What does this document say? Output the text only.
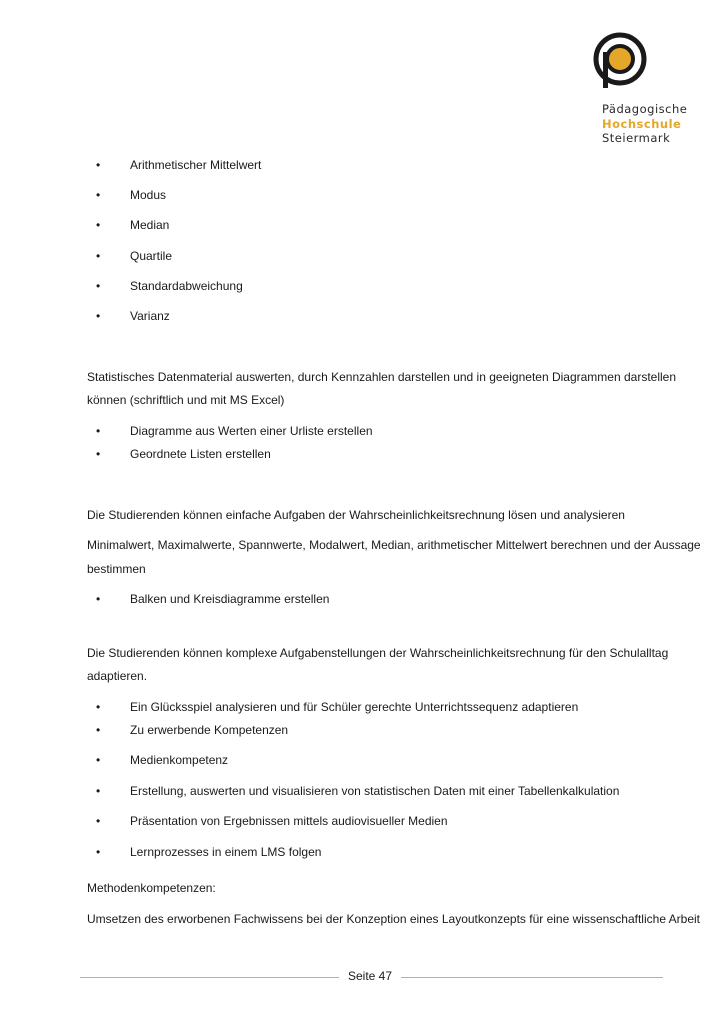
Pädagogische
Hochschule
Steiermark
•	Arithmetischer Mittelwert
•	Modus
•	Median
•	Quartile
•	Standardabweichung
•	Varianz
Statistisches Datenmaterial auswerten, durch Kennzahlen darstellen und in geeigneten Diagrammen darstellen
können (schriftlich und mit MS Excel)
•	Diagramme aus Werten einer Urliste erstellen
•	Geordnete Listen erstellen
Die Studierenden können einfache Aufgaben der Wahrscheinlichkeitsrechnung lösen und analysieren
Minimalwert, Maximalwerte, Spannwerte, Modalwert, Median, arithmetischer Mittelwert berechnen und der Aussage
bestimmen
•	Balken und Kreisdiagramme erstellen
Die Studierenden können komplexe Aufgabenstellungen der Wahrscheinlichkeitsrechnung für den Schulalltag
adaptieren.
•	Ein Glücksspiel analysieren und für Schüler gerechte Unterrichtssequenz adaptieren
•	Zu erwerbende Kompetenzen
•	Medienkompetenz
•	Erstellung, auswerten und visualisieren von statistischen Daten mit einer Tabellenkalkulation
•	Präsentation von Ergebnissen mittels audiovisueller Medien
•	Lernprozesses in einem LMS folgen
Methodenkompetenzen:
Umsetzen des erworbenen Fachwissens bei der Konzeption eines Layoutkonzepts für eine wissenschaftliche Arbeit
Seite 47
